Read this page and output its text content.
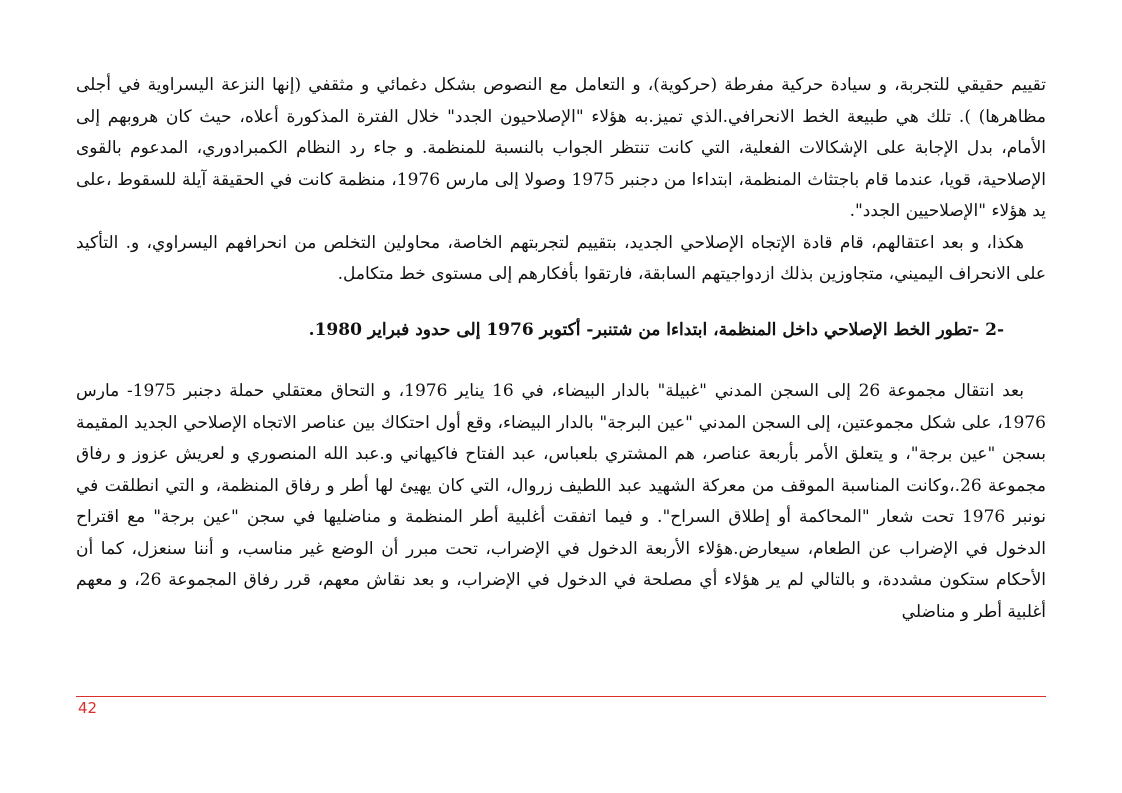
تقييم حقيقي للتجربة، و سيادة حركية مفرطة (حركوية)، و التعامل مع النصوص بشكل دغمائي و مثقفي (إنها النزعة اليسراوية في أجلى مظاهرها) ). تلك هي طبيعة الخط الانحرافي.الذي تميز.به هؤلاء "الإصلاحيون الجدد" خلال الفترة المذكورة أعلاه، حيث كان هروبهم إلى الأمام، بدل الإجابة على الإشكالات الفعلية، التي كانت تنتظر الجواب بالنسبة للمنظمة. و جاء رد النظام الكمبرادوري، المدعوم بالقوى الإصلاحية، قويا، عندما قام باجتثاث المنظمة، ابتداءا من دجنبر 1975 وصولا إلى مارس 1976، منظمة كانت في الحقيقة آيلة للسقوط ،على يد هؤلاء "الإصلاحيين الجدد".

هكذا، و بعد اعتقالهم، قام قادة الإتجاه الإصلاحي الجديد، بتقييم لتجربتهم الخاصة، محاولين التخلص من انحرافهم اليسراوي، و. التأكيد على الانحراف اليميني، متجاوزين بذلك ازدواجيتهم السابقة، فارتقوا بأفكارهم إلى مستوى خط متكامل.

-2 -تطور الخط الإصلاحي داخل المنظمة، ابتداءا من شتنبر- أكتوبر 1976 إلى حدود فبراير 1980.

بعد انتقال مجموعة 26 إلى السجن المدني "غبيلة" بالدار البيضاء، في 16 يناير 1976، و التحاق معتقلي حملة دجنبر 1975- مارس 1976، على شكل مجموعتين، إلى السجن المدني "عين البرجة" بالدار البيضاء، وقع أول احتكاك بين عناصر الاتجاه الإصلاحي الجديد المقيمة بسجن "عين برجة"، و يتعلق الأمر بأربعة عناصر، هم المشتري بلعباس، عبد الفتاح فاكيهاني و.عبد الله المنصوري و لعريش عزوز و رفاق مجموعة 26.،وكانت المناسبة الموقف من معركة الشهيد عبد اللطيف زروال، التي كان يهيئ لها أطر و رفاق المنظمة، و التي انطلقت في نونبر 1976 تحت شعار "المحاكمة أو إطلاق السراح". و فيما اتفقت أغلبية أطر المنظمة و مناضليها في سجن "عين برجة" مع اقتراح الدخول في الإضراب عن الطعام، سيعارض.هؤلاء الأربعة الدخول في الإضراب، تحت مبرر أن الوضع غير مناسب، و أننا سنعزل، كما أن الأحكام ستكون مشددة، و بالتالي لم ير هؤلاء أي مصلحة في الدخول في الإضراب، و بعد نقاش معهم، قرر رفاق المجموعة 26، و معهم أغلبية أطر و مناضلي

42
